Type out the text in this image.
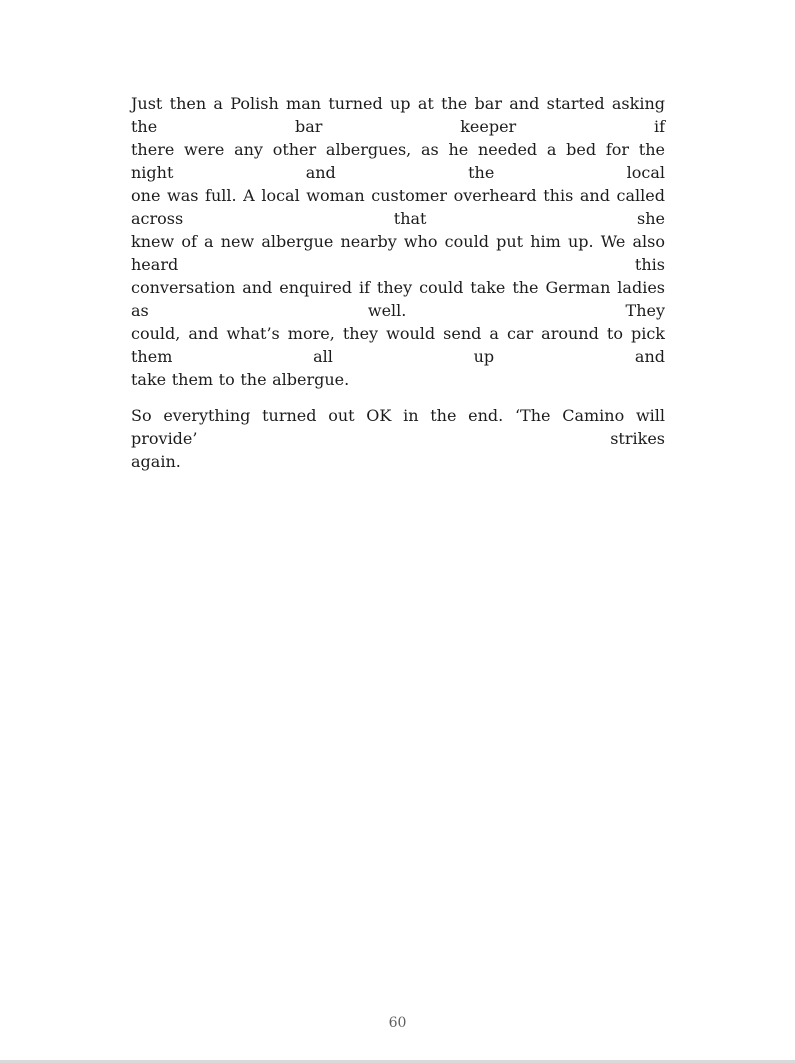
Just then a Polish man turned up at the bar and started asking the bar keeper if
there were any other albergues, as he needed a bed for the night and the local
one was full. A local woman customer overheard this and called across that she
knew of a new albergue nearby who could put him up. We also heard this
conversation and enquired if they could take the German ladies as well. They
could, and what’s more, they would send a car around to pick them all up and
take them to the albergue.
So everything turned out OK in the end. ‘The Camino will provide’ strikes
again.
60
